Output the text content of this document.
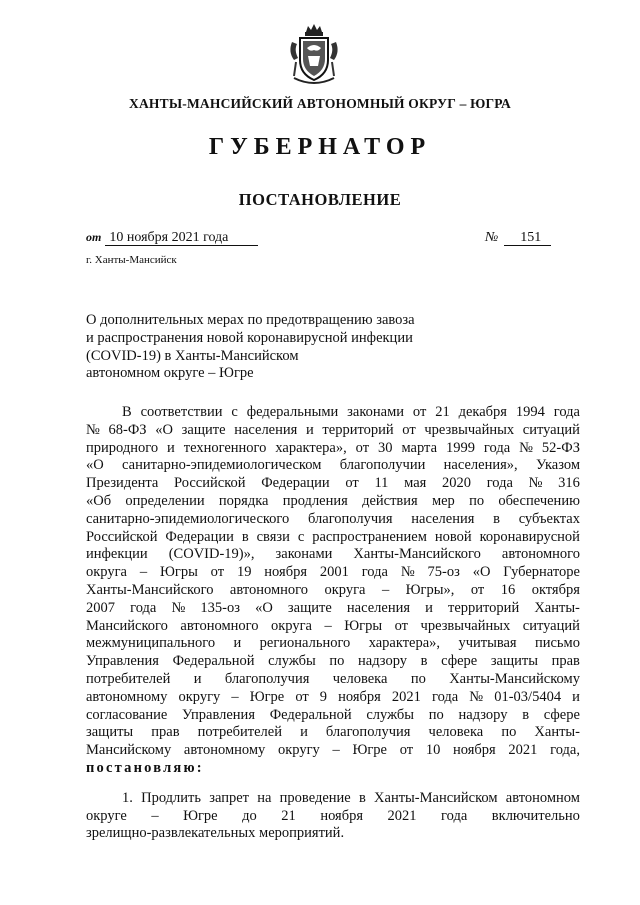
ХАНТЫ-МАНСИЙСКИЙ АВТОНОМНЫЙ ОКРУГ – ЮГРА
ГУБЕРНАТОР
ПОСТАНОВЛЕНИЕ
от 10 ноября 2021 года	№ 151
г. Ханты-Мансийск
О дополнительных мерах по предотвращению завоза
и распространения новой коронавирусной инфекции
(COVID-19) в Ханты-Мансийском
автономном округе – Югре
В соответствии с федеральными законами от 21 декабря 1994 года
№ 68-ФЗ «О защите населения и территорий от чрезвычайных ситуаций
природного и техногенного характера», от 30 марта 1999 года № 52-ФЗ
«О санитарно-эпидемиологическом благополучии населения», Указом
Президента Российской Федерации от 11 мая 2020 года № 316
«Об определении порядка продления действия мер по обеспечению
санитарно-эпидемиологического благополучия населения в субъектах
Российской Федерации в связи с распространением новой коронавирусной
инфекции (COVID-19)», законами Ханты-Мансийского автономного
округа – Югры от 19 ноября 2001 года № 75-оз «О Губернаторе
Ханты-Мансийского автономного округа – Югры», от 16 октября
2007 года № 135-оз «О защите населения и территорий Ханты-
Мансийского автономного округа – Югры от чрезвычайных ситуаций
межмуниципального и регионального характера», учитывая письмо
Управления Федеральной службы по надзору в сфере защиты прав
потребителей и благополучия человека по Ханты-Мансийскому
автономному округу – Югре от 9 ноября 2021 года № 01-03/5404 и
согласование Управления Федеральной службы по надзору в сфере
защиты прав потребителей и благополучия человека по Ханты-
Мансийскому автономному округу – Югре от 10 ноября 2021 года,
постановляю:
1. Продлить запрет на проведение в Ханты-Мансийском автономном
округе – Югре до 21 ноября 2021 года включительно
зрелищно-развлекательных мероприятий.
